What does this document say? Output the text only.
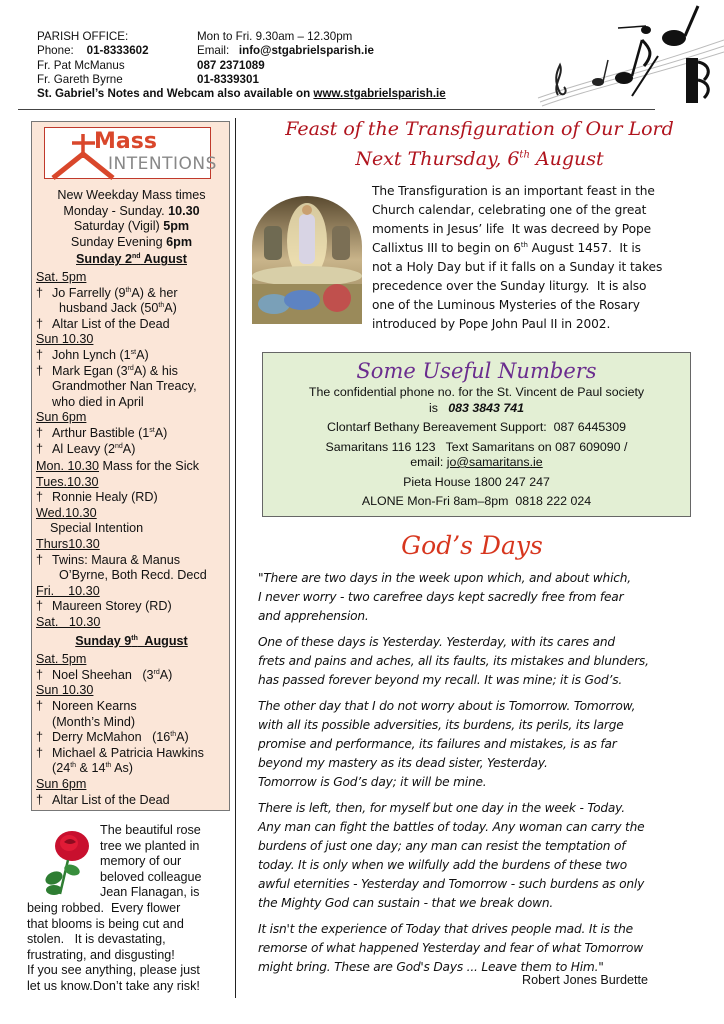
PARISH OFFICE:	Mon to Fri. 9.30am – 12.30pm
Phone: 01-8333602	Email: info@stgabrielsparish.ie
Fr. Pat McManus	087 2371089
Fr. Gareth Byrne	01-8339301
St. Gabriel’s Notes and Webcam also available on www.stgabrielsparish.ie
Mass
INTENTIONS
New Weekday Mass times
Monday - Sunday. 10.30
Saturday (Vigil) 5pm
Sunday Evening 6pm
Sunday 2nd August
Sat. 5pm
† Jo Farrelly (9thA) & her
husband Jack (50thA)
† Altar List of the Dead
Sun 10.30
† John Lynch (1stA)
† Mark Egan (3rdA) & his
Grandmother Nan Treacy,
who died in April
Sun 6pm
† Arthur Bastible (1stA)
† Al Leavy (2ndA)
Mon. 10.30 Mass for the Sick
Tues.10.30
† Ronnie Healy (RD)
Wed.10.30
Special Intention
Thurs10.30
† Twins: Maura & Manus
O’Byrne, Both Recd. Decd
Fri.    10.30
† Maureen Storey (RD)
Sat.   10.30
Sunday 9th  August
Sat. 5pm
† Noel Sheehan   (3rdA)
Sun 10.30
† Noreen Kearns
(Month’s Mind)
† Derry McMahon   (16thA)
† Michael & Patricia Hawkins
(24th & 14th As)
Sun 6pm
† Altar List of the Dead
The beautiful rose
tree we planted in
memory of our
beloved colleague
Jean Flanagan, is
being robbed.  Every flower
that blooms is being cut and
stolen.   It is devastating,
frustrating, and disgusting!
If you see anything, please just
let us know.Don’t take any risk!
Feast of the Transfiguration of Our Lord
Next Thursday, 6th August
The Transfiguration is an important feast in the
Church calendar, celebrating one of the great
moments in Jesus’ life  It was decreed by Pope
Callixtus III to begin on 6th August 1457.  It is
not a Holy Day but if it falls on a Sunday it takes
precedence over the Sunday liturgy.  It is also
one of the Luminous Mysteries of the Rosary
introduced by Pope John Paul II in 2002.
Some Useful Numbers
The confidential phone no. for the St. Vincent de Paul society
is   083 3843 741
Clontarf Bethany Bereavement Support:  087 6445309
Samaritans 116 123   Text Samaritans on 087 609090 /
email: jo@samaritans.ie
Pieta House 1800 247 247
ALONE Mon-Fri 8am–8pm  0818 222 024
God’s Days

"There are two days in the week upon which, and about which,
I never worry - two carefree days kept sacredly free from fear
and apprehension.

One of these days is Yesterday. Yesterday, with its cares and
frets and pains and aches, all its faults, its mistakes and blunders,
has passed forever beyond my recall. It was mine; it is God’s.

The other day that I do not worry about is Tomorrow. Tomorrow,
with all its possible adversities, its burdens, its perils, its large
promise and performance, its failures and mistakes, is as far
beyond my mastery as its dead sister, Yesterday.
Tomorrow is God’s day; it will be mine.

There is left, then, for myself but one day in the week - Today.
Any man can fight the battles of today. Any woman can carry the
burdens of just one day; any man can resist the temptation of
today. It is only when we wilfully add the burdens of these two
awful eternities - Yesterday and Tomorrow - such burdens as only
the Mighty God can sustain - that we break down.

It isn't the experience of Today that drives people mad. It is the
remorse of what happened Yesterday and fear of what Tomorrow
might bring. These are God's Days ... Leave them to Him."

Robert Jones Burdette
